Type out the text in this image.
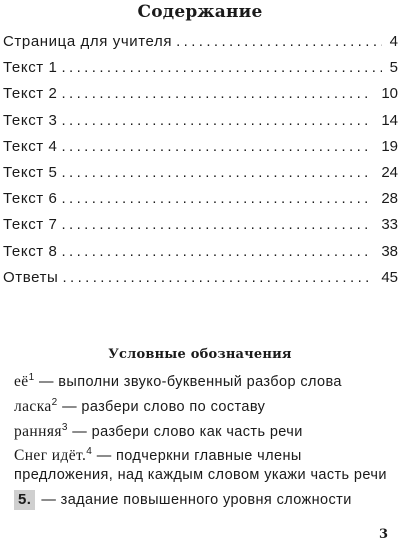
Содержание
Страница для учителя .....	4
Текст 1 .....	5
Текст 2 .....	10
Текст 3 .....	14
Текст 4 .....	19
Текст 5 .....	24
Текст 6 .....	28
Текст 7 .....	33
Текст 8 .....	38
Ответы .....	45
Условные обозначения
$её^1$ — выполни звуко-буквенный разбор слова
ласка$^2$ — разбери слово по составу
ранняя$^3$ — разбери слово как часть речи
Снег идёт.$^4$ — подчеркни главные члены предложения, над каждым словом укажи часть речи
5. — задание повышенного уровня сложности
3
